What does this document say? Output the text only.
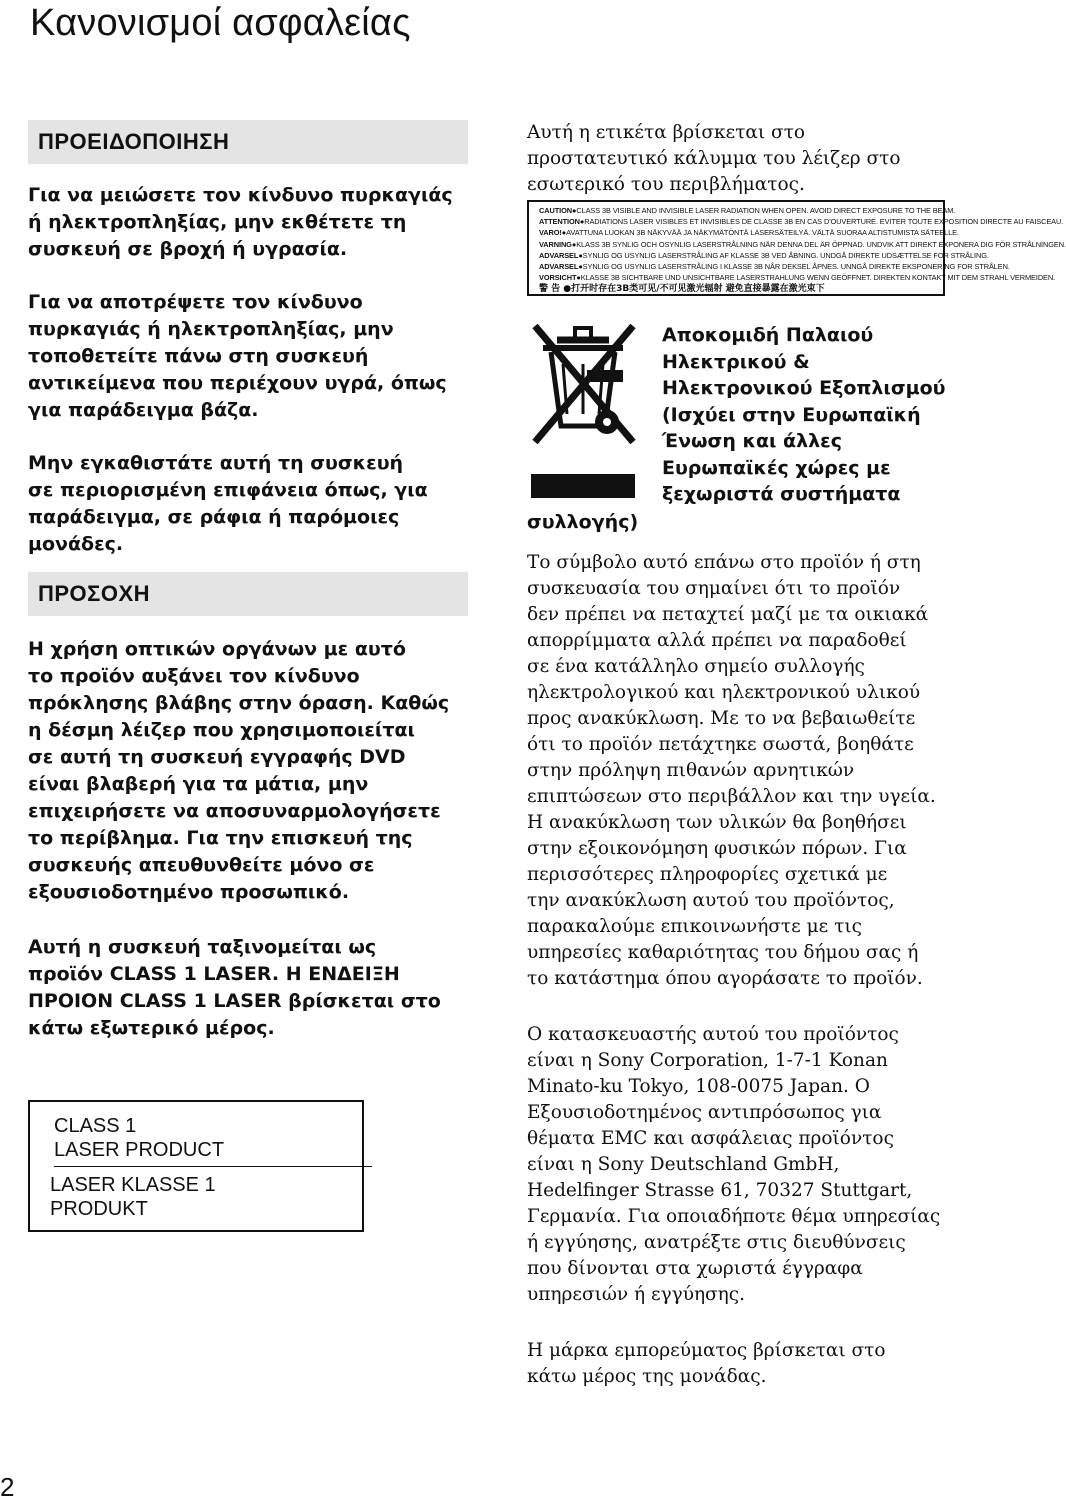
Κανονισμοί ασφαλείας
ΠΡΟΕΙΔΟΠΟΙΗΣΗ
Για να μειώσετε τον κίνδυνο πυρκαγιάς
ή ηλεκτροπληξίας, μην εκθέτετε τη
συσκευή σε βροχή ή υγρασία.
Για να αποτρέψετε τον κίνδυνο
πυρκαγιάς ή ηλεκτροπληξίας, μην
τοποθετείτε πάνω στη συσκευή
αντικείμενα που περιέχουν υγρά, όπως
για παράδειγμα βάζα.
Μην εγκαθιστάτε αυτή τη συσκευή
σε περιορισμένη επιφάνεια όπως, για
παράδειγμα, σε ράφια ή παρόμοιες
μονάδες.
ΠΡΟΣΟΧΗ
Η χρήση οπτικών οργάνων με αυτό
το προϊόν αυξάνει τον κίνδυνο
πρόκλησης βλάβης στην όραση. Καθώς
η δέσμη λέιζερ που χρησιμοποιείται
σε αυτή τη συσκευή εγγραφής DVD
είναι βλαβερή για τα μάτια, μην
επιχειρήσετε να αποσυναρμολογήσετε
το περίβλημα. Για την επισκευή της
συσκευής απευθυνθείτε μόνο σε
εξουσιοδοτημένο προσωπικό.
Αυτή η συσκευή ταξινομείται ως
προϊόν CLASS 1 LASER. Η ΕΝΔΕΙΞΗ
ΠΡΟΙΟΝ CLASS 1 LASER βρίσκεται στο
κάτω εξωτερικό μέρος.
CLASS 1
LASER PRODUCT
LASER KLASSE 1
PRODUKT
Αυτή η ετικέτα βρίσκεται στο
προστατευτικό κάλυμμα του λέιζερ στο
εσωτερικό του περιβλήματος.
CAUTION●CLASS 3B VISIBLE AND INVISIBLE LASER RADIATION WHEN OPEN. AVOID DIRECT EXPOSURE TO THE BEAM.
ATTENTION●RADIATIONS LASER VISIBLES ET INVISIBLES DE CLASSE 3B EN CAS D'OUVERTURE. EVITER TOUTE EXPOSITION DIRECTE AU FAISCEAU.
VARO!●AVATTUNA LUOKAN 3B NÄKYVÄÄ JA NÄKYMÄTÖNTÄ LASERSÄTEILYÄ. VÄLTÄ SUORAA ALTISTUMISTA SÄTEELLE.
VARNING●KLASS 3B SYNLIG OCH OSYNLIG LASERSTRÅLNING NÄR DENNA DEL ÄR ÖPPNAD. UNDVIK ATT DIREKT EXPONERA DIG FÖR STRÅLNINGEN.
ADVARSEL●SYNLIG OG USYNLIG LASERSTRÅLING AF KLASSE 3B VED ÅBNING. UNDGÅ DIREKTE UDSÆTTELSE FOR STRÅLING.
ADVARSEL●SYNLIG OG USYNLIG LASERSTRÅLING I KLASSE 3B NÅR DEKSEL ÅPNES. UNNGÅ DIREKTE EKSPONERING FOR STRÅLEN.
VORSICHT●KLASSE 3B SICHTBARE UND UNSICHTBARE LASERSTRAHLUNG WENN GEÖFFNET. DIREKTEN KONTAKT MIT DEM STRAHL VERMEIDEN.
警 告 ●打开时存在3B类可见/不可见激光辐射 避免直接暴露在激光束下
Αποκομιδή Παλαιού
Ηλεκτρικού &
Ηλεκτρονικού Εξοπλισμού
(Ισχύει στην Ευρωπαϊκή
Ένωση και άλλες
Ευρωπαϊκές χώρες με
ξεχωριστά συστήματα
συλλογής)
Το σύμβολο αυτό επάνω στο προϊόν ή στη
συσκευασία του σημαίνει ότι το προϊόν
δεν πρέπει να πεταχτεί μαζί με τα οικιακά
απορρίμματα αλλά πρέπει να παραδοθεί
σε ένα κατάλληλο σημείο συλλογής
ηλεκτρολογικού και ηλεκτρονικού υλικού
προς ανακύκλωση. Με το να βεβαιωθείτε
ότι το προϊόν πετάχτηκε σωστά, βοηθάτε
στην πρόληψη πιθανών αρνητικών
επιπτώσεων στο περιβάλλον και την υγεία.
Η ανακύκλωση των υλικών θα βοηθήσει
στην εξοικονόμηση φυσικών πόρων. Για
περισσότερες πληροφορίες σχετικά με
την ανακύκλωση αυτού του προϊόντος,
παρακαλούμε επικοινωνήστε με τις
υπηρεσίες καθαριότητας του δήμου σας ή
το κατάστημα όπου αγοράσατε το προϊόν.
Ο κατασκευαστής αυτού του προϊόντος
είναι η Sony Corporation, 1-7-1 Konan
Minato-ku Tokyo, 108-0075 Japan. Ο
Εξουσιοδοτημένος αντιπρόσωπος για
θέματα EMC και ασφάλειας προϊόντος
είναι η Sony Deutschland GmbH,
Hedelfinger Strasse 61, 70327 Stuttgart,
Γερμανία. Για οποιαδήποτε θέμα υπηρεσίας
ή εγγύησης, ανατρέξτε στις διευθύνσεις
που δίνονται στα χωριστά έγγραφα
υπηρεσιών ή εγγύησης.
Η μάρκα εμπορεύματος βρίσκεται στο
κάτω μέρος της μονάδας.
2
